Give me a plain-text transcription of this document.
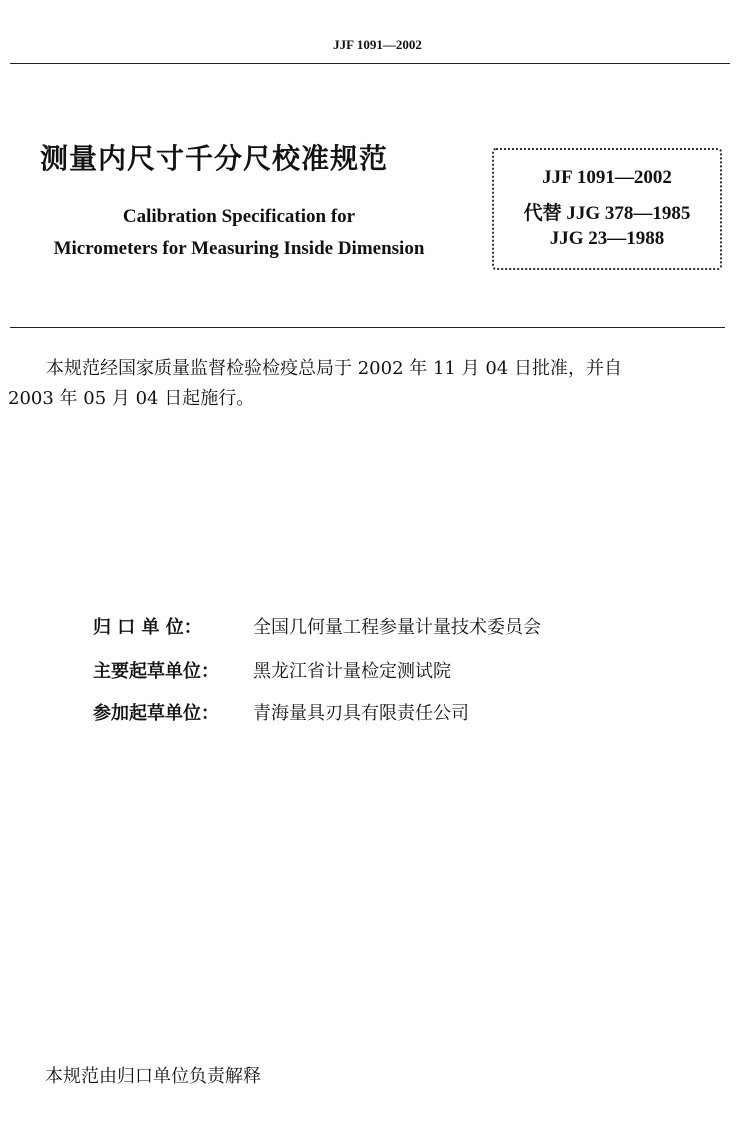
JJF 1091—2002
测量内尺寸千分尺校准规范
Calibration Specification for
Micrometers for Measuring Inside Dimension
JJF 1091—2002
代替 JJG 378—1985
JJG 23—1988
本规范经国家质量监督检验检疫总局于 2002 年 11 月 04 日批准，并自
2003 年 05 月 04 日起施行。
归 口 单 位：	全国几何量工程参量计量技术委员会
主要起草单位： 黑龙江省计量检定测试院
参加起草单位： 青海量具刃具有限责任公司
本规范由归口单位负责解释
